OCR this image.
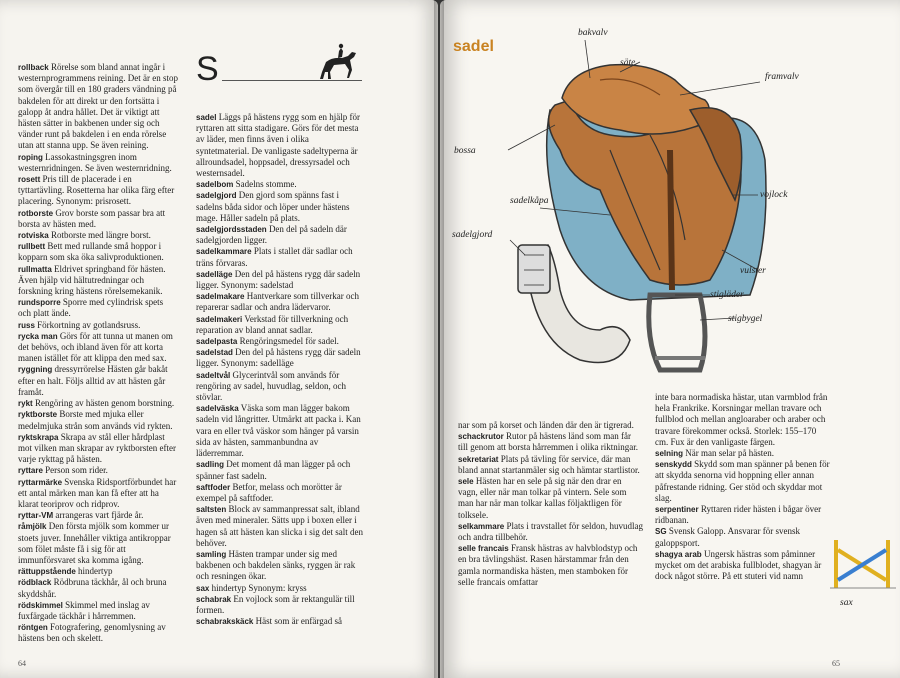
rollback Rörelse som bland annat ingår i westernprogrammens reining. Det är en stop som övergår till en 180 graders vändning på bakdelen för att direkt ur den fortsätta i galopp åt andra hållet. Det är viktigt att hästen sätter in bakbenen under sig och vänder runt på bakdelen i en enda rörelse utan att stanna upp. Se även reining.

roping Lassokastningsgren inom westernridningen. Se även westernridning.

rosett Pris till de placerade i en tyttartävling. Rosetterna har olika färg efter placering. Synonym: prisrosett.

rotborste Grov borste som passar bra att borsta av hästen med.

rotviska Rotborste med längre borst.

rullbett Bett med rullande små hoppor i kopparn som ska öka salivproduktionen.

rullmatta Eldrivet springband för hästen. Även hjälp vid hältutredningar och forskning kring hästens rörelsemekanik.

rundsporre Sporre med cylindrisk spets och platt ände.

russ Förkortning av gotlandsruss.

rycka man Görs för att tunna ut manen om det behövs, och ibland även för att korta manen istället för att klippa den med sax.

ryggning dressyrrörelse Hästen går bakåt efter en halt. Följs alltid av att hästen går framåt.

rykt Rengöring av hästen genom borstning.

ryktborste Borste med mjuka eller medelmjuka strån som används vid rykten.

ryktskrapa Skrapa av stål eller hårdplast mot vilken man skrapar av ryktborsten efter varje rykttag på hästen.

ryttare Person som rider.

ryttarmärke Svenska Ridsportförbundet har ett antal märken man kan få efter att ha klarat teoriprov och ridprov.

ryttar-VM arrangeras vart fjärde år.

råmjölk Den första mjölk som kommer ur stoets juver. Innehåller viktiga antikroppar som fölet måste få i sig för att immunförsvaret ska komma igång.

rättuppstående hindertyp

rödblack Rödbruna täckhår, ål och bruna skyddshår.

rödskimmel Skimmel med inslag av fuxfärgade täckhår i hårremmen.

röntgen Fotografering, genomlysning av hästens ben och skelett.

S

sadel Läggs på hästens rygg som en hjälp för ryttaren att sitta stadigare. Görs för det mesta av läder, men finns även i olika syntetmaterial. De vanligaste sadeltyperna är allroundsadel, hoppsadel, dressyrsadel och westernsadel.

sadelbom Sadelns stomme.

sadelgjord Den gjord som spänns fast i sadelns båda sidor och löper under hästens mage. Håller sadeln på plats.

sadelgjordsstaden Den del på sadeln där sadelgjorden ligger.

sadelkammare Plats i stallet där sadlar och träns förvaras.

sadelläge Den del på hästens rygg där sadeln ligger. Synonym: sadelstad

sadelmakare Hantverkare som tillverkar och reparerar sadlar och andra lädervaror.

sadelmakeri Verkstad för tillverkning och reparation av bland annat sadlar.

sadelpasta Rengöringsmedel för sadel.

sadelstad Den del på hästens rygg där sadeln ligger. Synonym: sadelläge

sadeltvål Glycerintvål som används för rengöring av sadel, huvudlag, seldon, och stövlar.

sadelväska Väska som man lägger bakom sadeln vid långritter. Utmärkt att packa i. Kan vara en eller två väskor som hänger på varsin sida av hästen, sammanbundna av läderremmar.

sadling Det moment då man lägger på och spänner fast sadeln.

saftfoder Betfor, melass och morötter är exempel på saftfoder.

saltsten Block av sammanpressat salt, ibland även med mineraler. Sätts upp i boxen eller i hagen så att hästen kan slicka i sig det salt den behöver.

samling Hästen trampar under sig med bakbenen och bakdelen sänks, ryggen är rak och resningen ökar.

sax hindertyp Synonym: kryss

schabrak En vojlock som är rektangulär till formen.

schabrakskäck Häst som är enfärgad så

64
sadel
bakvalv
säte
framvalv
bossa
vojlock
sadelkåpa
sadelgjord
vulster
stigläder
stigbygel

nar som på korset och länden där den är tigrerad.

schackrutor Rutor på hästens länd som man får till genom att borsta hårremmen i olika riktningar.

sekretariat Plats på tävling för service, där man bland annat startanmäler sig och hämtar startlistor.

sele Hästen har en sele på sig när den drar en vagn, eller när man tolkar på vintern. Sele som man har när man tolkar kallas följaktligen för tolksele.

selkammare Plats i travstallet för seldon, huvudlag och andra tillbehör.

selle francais Fransk hästras av halvblodstyp och en bra tävlingshäst. Rasen härstammar från den gamla normandiska hästen, men stamboken för selle francais omfattar

inte bara normadiska hästar, utan varmblod från hela Frankrike. Korsningar mellan travare och fullblod och mellan angloaraber och araber och travare förekommer också. Storlek: 155–170 cm. Fux är den vanligaste färgen.

selning När man selar på hästen.

senskydd Skydd som man spänner på benen för att skydda senorna vid hoppning eller annan påfrestande ridning. Ger stöd och skyddar mot slag.

serpentiner Ryttaren rider hästen i bågar över ridbanan.

SG Svensk Galopp. Ansvarar för svensk galoppsport.

shagya arab Ungersk hästras som påminner mycket om det arabiska fullblodet, shagyan är dock något större. På ett stuteri vid namn

sax
65
